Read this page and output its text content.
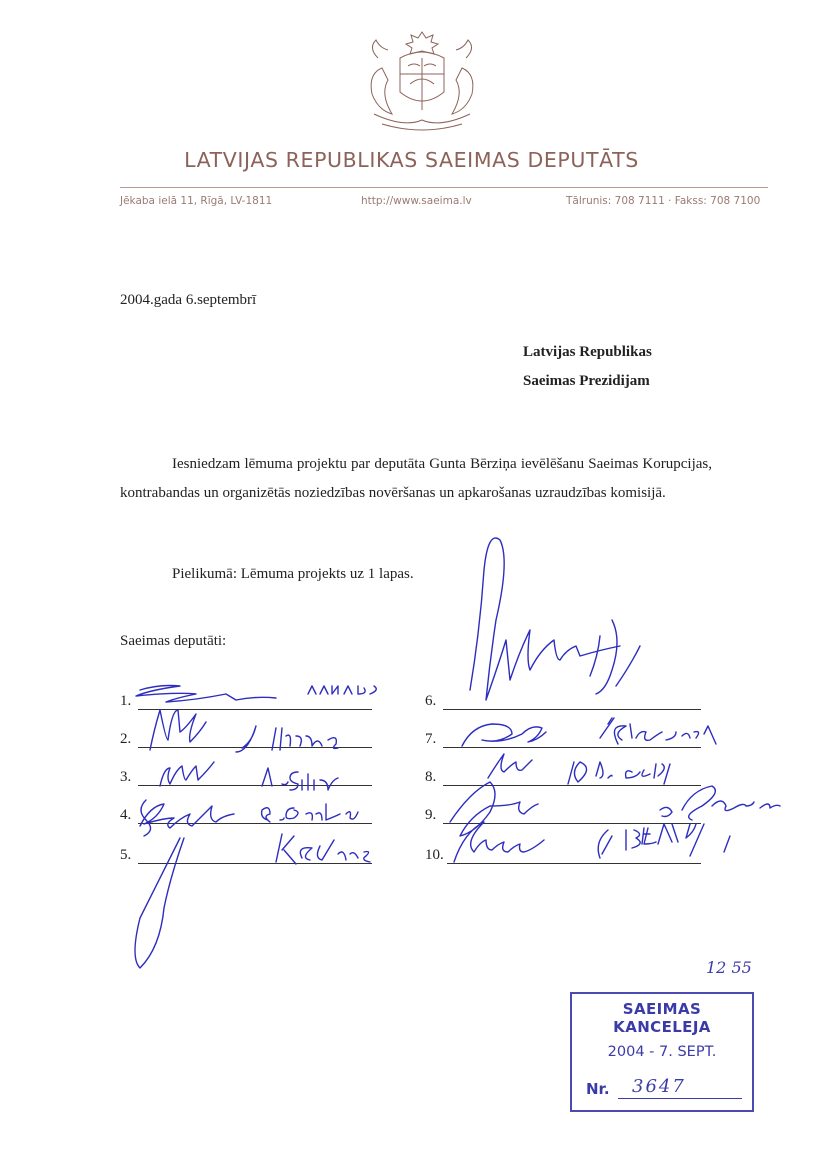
LATVIJAS REPUBLIKAS SAEIMAS DEPUTĀTS
Jēkaba ielā 11, Rīgā, LV-1811	http://www.saeima.lv	Tālrunis: 708 7111 · Fakss: 708 7100
2004.gada 6.septembrī
Latvijas Republikas
Saeimas Prezidijam
Iesniedzam lēmuma projektu par deputāta Gunta Bērziņa ievēlēšanu Saeimas Korupcijas, kontrabandas un organizētās noziedzības novēršanas un apkarošanas uzraudzības komisijā.
Pielikumā: Lēmuma projekts uz 1 lapas.
Saeimas deputāti:
1.
2.
3.
4.
5.
6.
7.
8.
9.
10.
12 55
SAEIMAS KANCELEJA
2004 - 7. SEPT.
Nr. 3647
